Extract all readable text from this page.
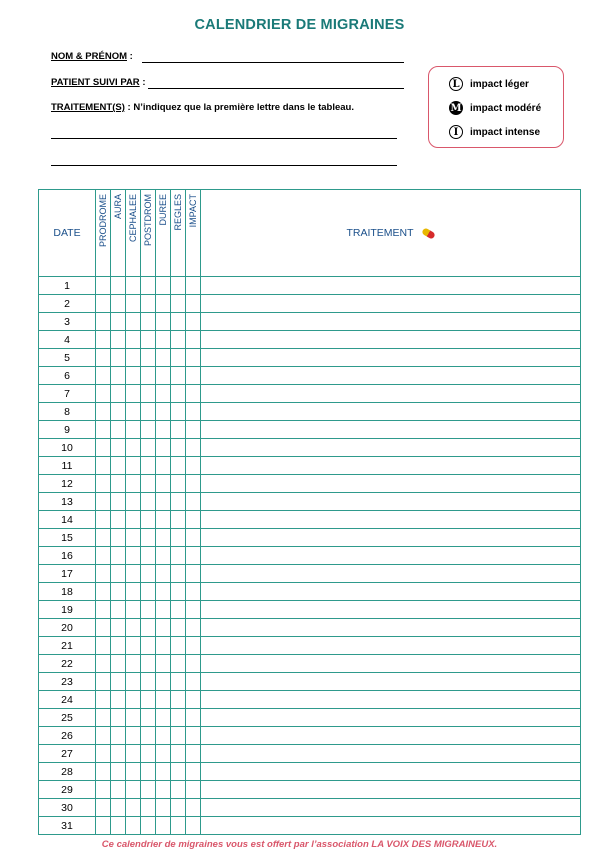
CALENDRIER DE MIGRAINES
NOM & PRÉNOM :
PATIENT SUIVI PAR :
TRAITEMENT(S) : N’indiquez que la première lettre dans le tableau.
L	impact léger
M impact modéré
I	impact intense
DATE	PRODROME	AURA	CEPHALEE	POSTDROM	DUREE	REGLES	IMPACT	TRAITEMENT
1								
2								
3								
4								
5								
6								
7								
8								
9								
10								
11								
12								
13								
14								
15								
16								
17								
18								
19								
20								
21								
22								
23								
24								
25								
26								
27								
28								
29								
30								
31								
Ce calendrier de migraines vous est offert par l’association LA VOIX DES MIGRAINEUX.
